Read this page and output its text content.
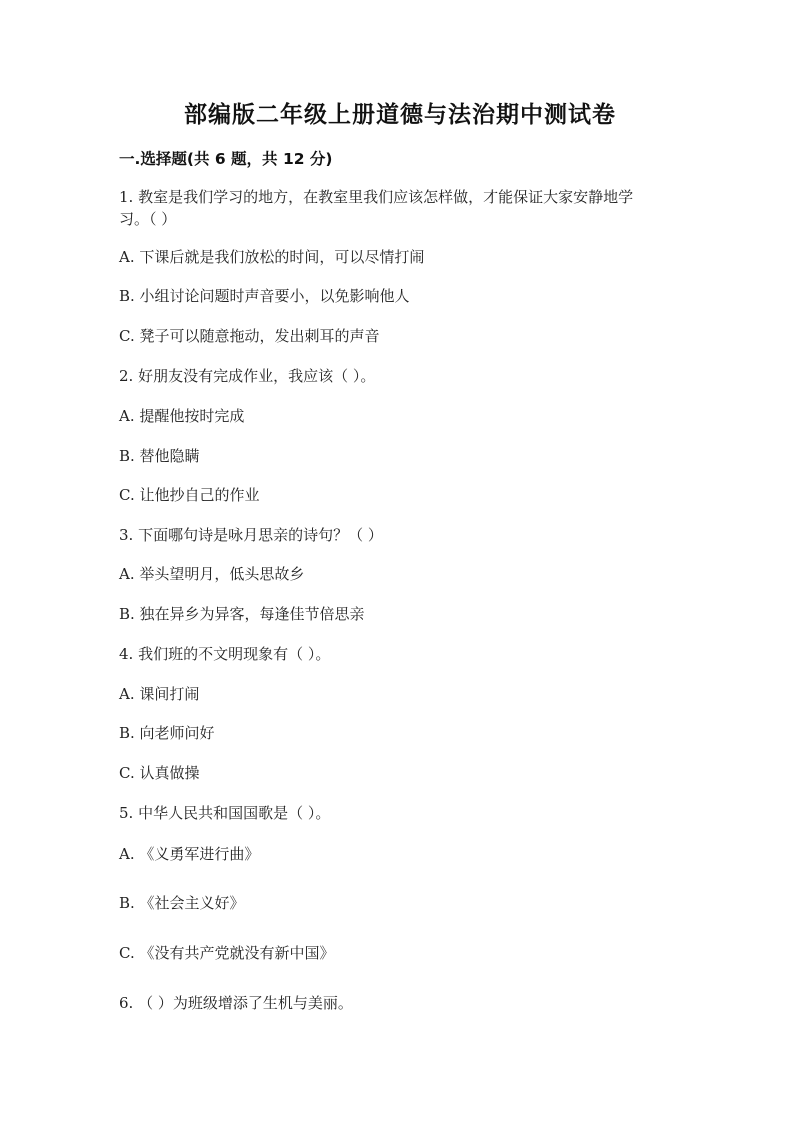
部编版二年级上册道德与法治期中测试卷
一.选择题(共 6 题，共 12 分)
1. 教室是我们学习的地方，在教室里我们应该怎样做，才能保证大家安静地学
习。（ ）
A. 下课后就是我们放松的时间，可以尽情打闹
B. 小组讨论问题时声音要小，以免影响他人
C. 凳子可以随意拖动，发出刺耳的声音
2. 好朋友没有完成作业，我应该（ ）。
A. 提醒他按时完成
B. 替他隐瞒
C. 让他抄自己的作业
3. 下面哪句诗是咏月思亲的诗句？（ ）
A. 举头望明月，低头思故乡
B. 独在异乡为异客，每逢佳节倍思亲
4. 我们班的不文明现象有（ ）。
A. 课间打闹
B. 向老师问好
C. 认真做操
5. 中华人民共和国国歌是（ ）。
A. 《义勇军进行曲》
B. 《社会主义好》
C. 《没有共产党就没有新中国》
6. （ ）为班级增添了生机与美丽。
